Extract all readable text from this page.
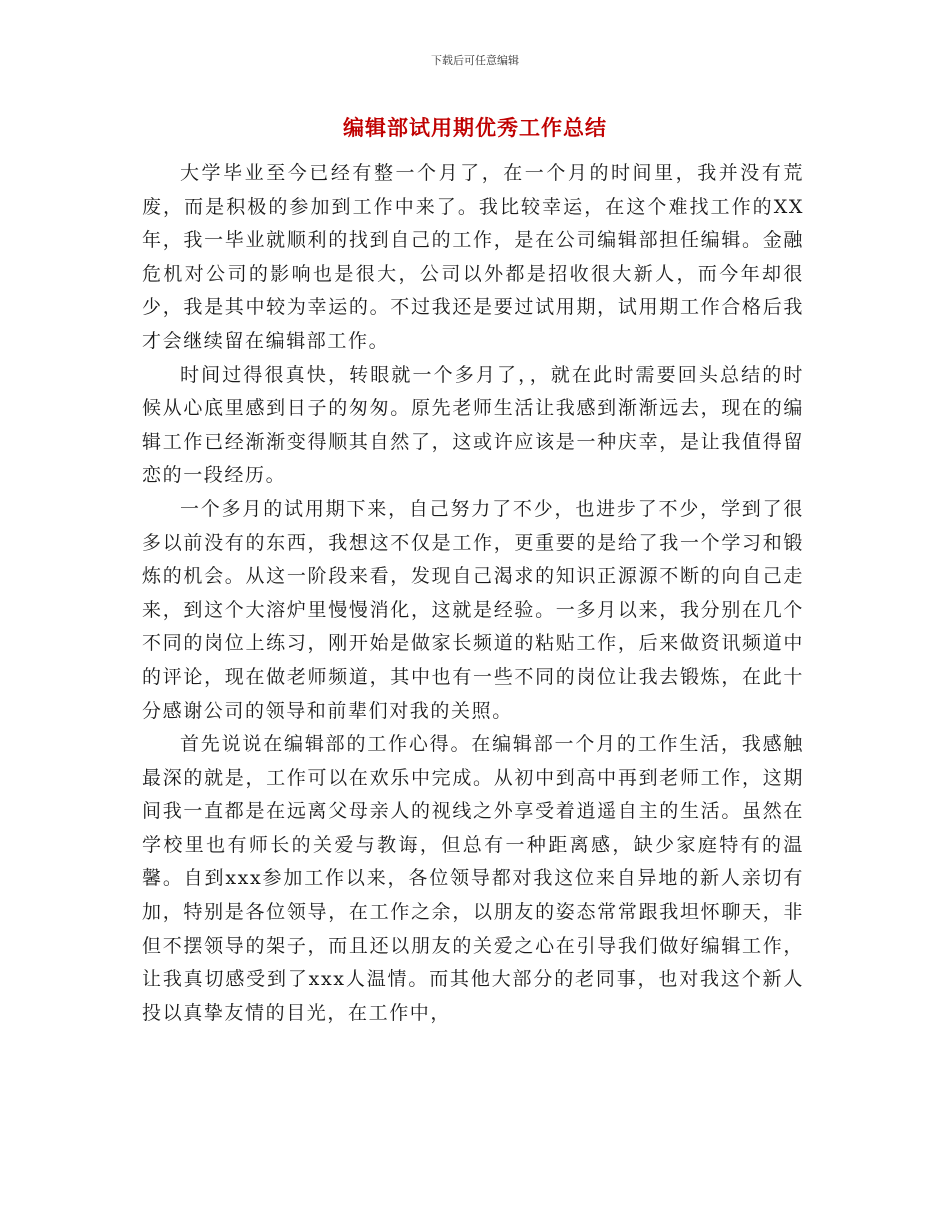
下载后可任意编辑
编辑部试用期优秀工作总结

大学毕业至今已经有整一个月了，在一个月的时间里，我并没有荒废，而是积极的参加到工作中来了。我比较幸运，在这个难找工作的XX年，我一毕业就顺利的找到自己的工作，是在公司编辑部担任编辑。金融危机对公司的影响也是很大，公司以外都是招收很大新人，而今年却很少，我是其中较为幸运的。不过我还是要过试用期，试用期工作合格后我才会继续留在编辑部工作。

时间过得很真快，转眼就一个多月了，，就在此时需要回头总结的时候从心底里感到日子的匆匆。原先老师生活让我感到渐渐远去，现在的编辑工作已经渐渐变得顺其自然了，这或许应该是一种庆幸，是让我值得留恋的一段经历。

一个多月的试用期下来，自己努力了不少，也进步了不少，学到了很多以前没有的东西，我想这不仅是工作，更重要的是给了我一个学习和锻炼的机会。从这一阶段来看，发现自己渴求的知识正源源不断的向自己走来，到这个大溶炉里慢慢消化，这就是经验。一多月以来，我分别在几个不同的岗位上练习，刚开始是做家长频道的粘贴工作，后来做资讯频道中的评论，现在做老师频道，其中也有一些不同的岗位让我去锻炼，在此十分感谢公司的领导和前辈们对我的关照。

首先说说在编辑部的工作心得。在编辑部一个月的工作生活，我感触最深的就是，工作可以在欢乐中完成。从初中到高中再到老师工作，这期间我一直都是在远离父母亲人的视线之外享受着逍遥自主的生活。虽然在学校里也有师长的关爱与教诲，但总有一种距离感，缺少家庭特有的温馨。自到xxx参加工作以来，各位领导都对我这位来自异地的新人亲切有加，特别是各位领导，在工作之余，以朋友的姿态常常跟我坦怀聊天，非但不摆领导的架子，而且还以朋友的关爱之心在引导我们做好编辑工作，让我真切感受到了xxx人温情。而其他大部分的老同事，也对我这个新人投以真挚友情的目光，在工作中，
